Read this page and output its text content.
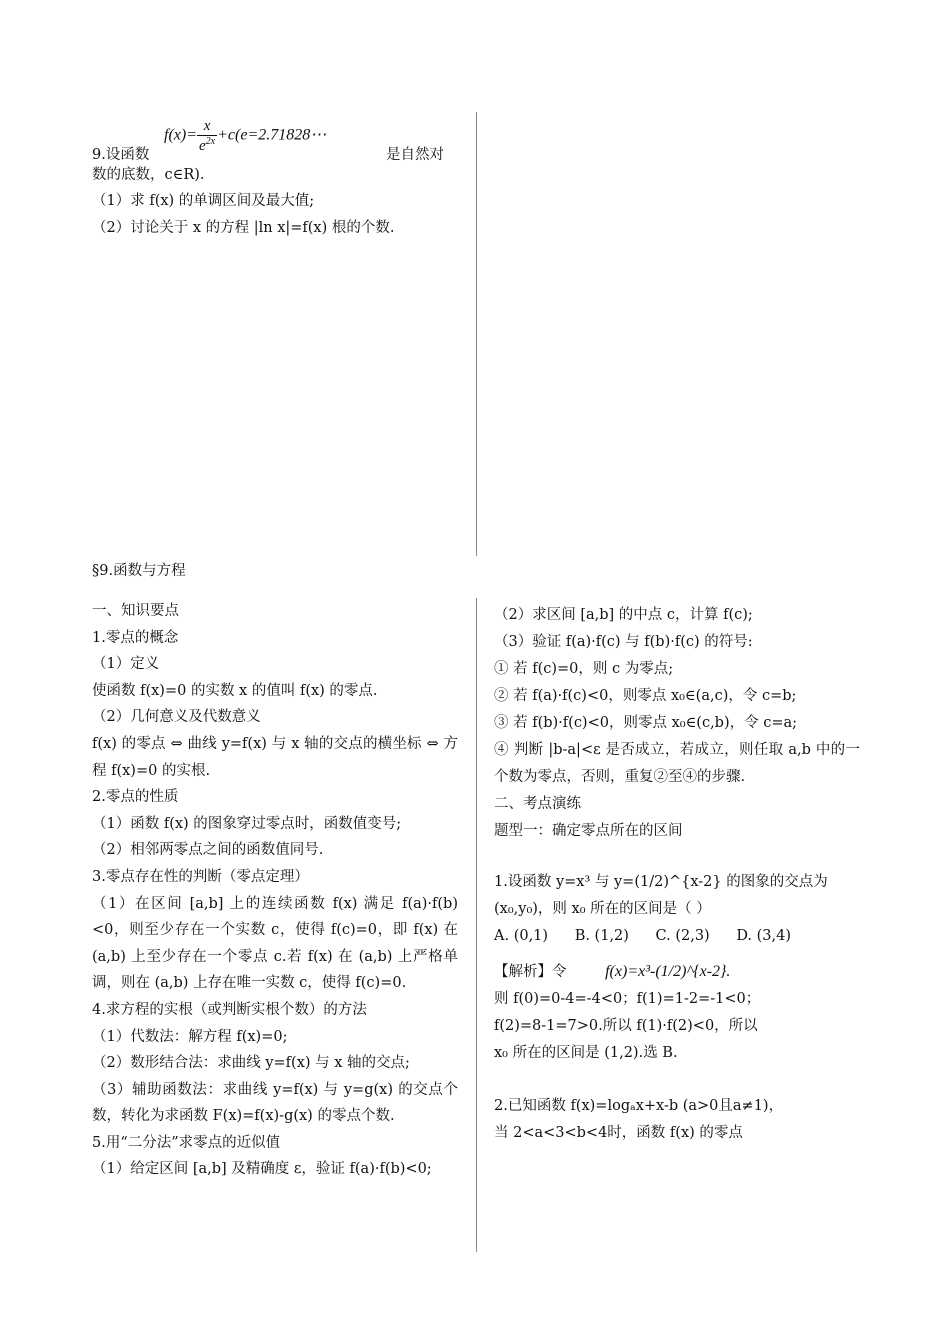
9.设函数
$f(x)= \frac{x}{e^{2x}}$ +c(e=2.71828⋯
是自然对

数的底数，c∈R).

（1）求 f(x) 的单调区间及最大值;

（2）讨论关于 x 的方程 |ln x|=f(x) 根的个数.

§9.函数与方程

一、知识要点

1.零点的概念

（1）定义

使函数 f(x)=0 的实数 x 的值叫 f(x) 的零点.

（2）几何意义及代数意义

f(x) 的零点 ⇔ 曲线 y=f(x) 与 x 轴的交点的横坐标 ⇔ 方程 f(x)=0 的实根.

2.零点的性质

（1）函数 f(x) 的图象穿过零点时，函数值变号;

（2）相邻两零点之间的函数值同号.

3.零点存在性的判断（零点定理）

（1）在区间 [a,b] 上的连续函数 f(x) 满足 f(a)·f(b)<0，则至少存在一个实数 c，使得 f(c)=0，即 f(x) 在 (a,b) 上至少存在一个零点 c.若 f(x) 在 (a,b) 上严格单调，则在 (a,b) 上存在唯一实数 c，使得 f(c)=0.

4.求方程的实根（或判断实根个数）的方法

（1）代数法：解方程 f(x)=0;

（2）数形结合法：求曲线 y=f(x) 与 x 轴的交点;

（3）辅助函数法：求曲线 y=f(x) 与 y=g(x) 的交点个数，转化为求函数 F(x)=f(x)-g(x) 的零点个数.

5.用“二分法”求零点的近似值

（1）给定区间 [a,b] 及精确度 ε，验证 f(a)·f(b)<0;

（2）求区间 [a,b] 的中点 c，计算 f(c);

（3）验证 f(a)·f(c) 与 f(b)·f(c) 的符号:

① 若 f(c)=0，则 c 为零点;

② 若 f(a)·f(c)<0，则零点 x₀∈(a,c)，令 c=b;

③ 若 f(b)·f(c)<0，则零点 x₀∈(c,b)，令 c=a;

④ 判断 |b-a|<ε 是否成立，若成立，则任取 a,b 中的一个数为零点，否则，重复②至④的步骤.

二、考点演练

题型一：确定零点所在的区间

1.设函数 y=x³ 与 y=(1/2)^{x-2} 的图象的交点为

(x₀,y₀)，则 x₀ 所在的区间是（ ）

A. (0,1) B. (1,2) C. (2,3) D. (3,4)

【解析】令 f(x)=x³-(1/2)^{x-2}.

则 f(0)=0-4=-4<0；f(1)=1-2=-1<0；

f(2)=8-1=7>0.所以 f(1)·f(2)<0，所以

x₀ 所在的区间是 (1,2).选 B.

2.已知函数 f(x)=logₐx+x-b (a>0且a≠1)，

当 2<a<3<b<4时，函数 f(x) 的零点
